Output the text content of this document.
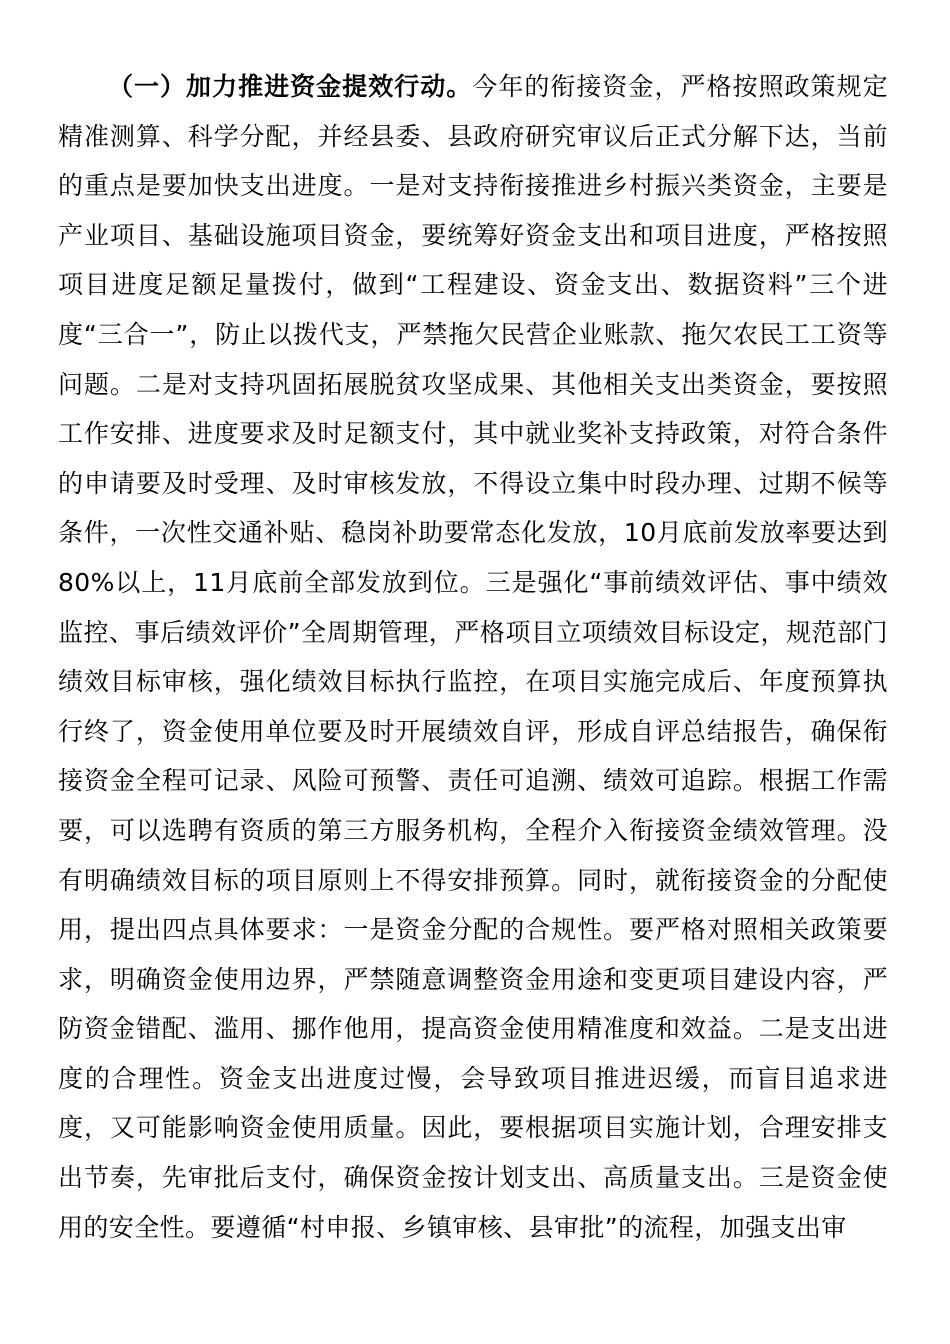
（一）加力推进资金提效行动。今年的衔接资金，严格按照政策规定精准测算、科学分配，并经县委、县政府研究审议后正式分解下达，当前的重点是要加快支出进度。一是对支持衔接推进乡村振兴类资金，主要是产业项目、基础设施项目资金，要统筹好资金支出和项目进度，严格按照项目进度足额足量拨付，做到“工程建设、资金支出、数据资料”三个进度“三合一”，防止以拨代支，严禁拖欠民营企业账款、拖欠农民工工资等问题。二是对支持巩固拓展脱贫攻坚成果、其他相关支出类资金，要按照工作安排、进度要求及时足额支付，其中就业奖补支持政策，对符合条件的申请要及时受理、及时审核发放，不得设立集中时段办理、过期不候等条件，一次性交通补贴、稳岗补助要常态化发放，10月底前发放率要达到80%以上，11月底前全部发放到位。三是强化“事前绩效评估、事中绩效监控、事后绩效评价”全周期管理，严格项目立项绩效目标设定，规范部门绩效目标审核，强化绩效目标执行监控，在项目实施完成后、年度预算执行终了，资金使用单位要及时开展绩效自评，形成自评总结报告，确保衔接资金全程可记录、风险可预警、责任可追溯、绩效可追踪。根据工作需要，可以选聘有资质的第三方服务机构，全程介入衔接资金绩效管理。没有明确绩效目标的项目原则上不得安排预算。同时，就衔接资金的分配使用，提出四点具体要求：一是资金分配的合规性。要严格对照相关政策要求，明确资金使用边界，严禁随意调整资金用途和变更项目建设内容，严防资金错配、滥用、挪作他用，提高资金使用精准度和效益。二是支出进度的合理性。资金支出进度过慢，会导致项目推进迟缓，而盲目追求进度，又可能影响资金使用质量。因此，要根据项目实施计划，合理安排支出节奏，先审批后支付，确保资金按计划支出、高质量支出。三是资金使用的安全性。要遵循“村申报、乡镇审核、县审批”的流程，加强支出审
